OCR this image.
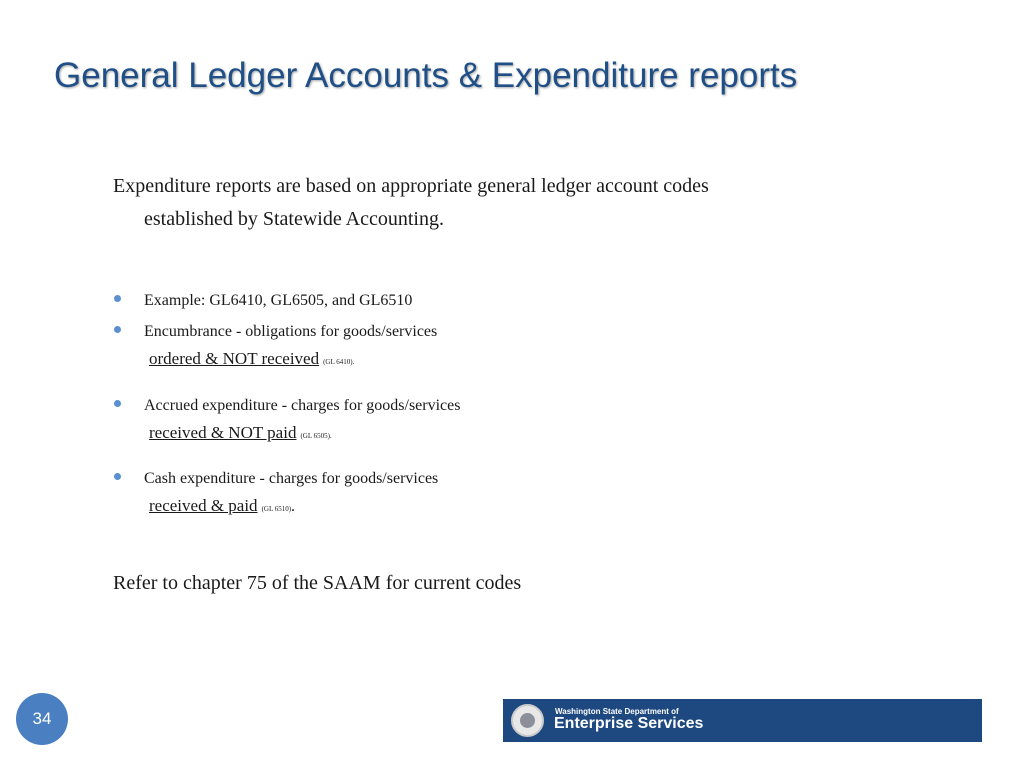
General Ledger Accounts & Expenditure reports
Expenditure reports are based on appropriate general ledger account codes
established by Statewide Accounting.
Example: GL6410, GL6505, and GL6510
Encumbrance - obligations for goods/services
ordered & NOT received (GL 6410).
Accrued expenditure - charges for goods/services
received & NOT paid (GL 6505).
Cash expenditure - charges for goods/services
received & paid (GL 6510).
Refer to chapter 75 of the SAAM for current codes
34	Washington State Department of
Enterprise Services
